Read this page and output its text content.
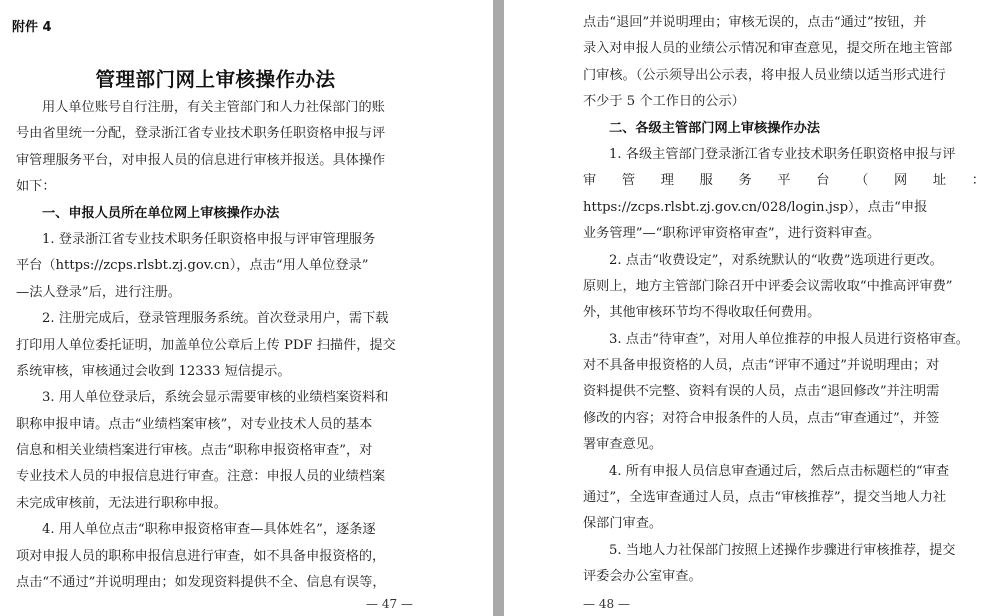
附件 4
管理部门网上审核操作办法
用人单位账号自行注册，有关主管部门和人力社保部门的账
号由省里统一分配，登录浙江省专业技术职务任职资格申报与评
审管理服务平台，对申报人员的信息进行审核并报送。具体操作
如下：
一、申报人员所在单位网上审核操作办法
1. 登录浙江省专业技术职务任职资格申报与评审管理服务
平台（https://zcps.rlsbt.zj.gov.cn），点击“用人单位登录”
—法人登录”后，进行注册。
2. 注册完成后，登录管理服务系统。首次登录用户，需下载
打印用人单位委托证明，加盖单位公章后上传 PDF 扫描件，提交
系统审核，审核通过会收到 12333 短信提示。
3. 用人单位登录后，系统会显示需要审核的业绩档案资料和
职称申报申请。点击“业绩档案审核”，对专业技术人员的基本
信息和相关业绩档案进行审核。点击“职称申报资格审查”，对
专业技术人员的申报信息进行审查。注意：申报人员的业绩档案
未完成审核前，无法进行职称申报。
4. 用人单位点击“职称申报资格审查—具体姓名”，逐条逐
项对申报人员的职称申报信息进行审查，如不具备申报资格的，
点击“不通过”并说明理由；如发现资料提供不全、信息有误等，
— 47 —
点击“退回”并说明理由；审核无误的，点击“通过”按钮，并
录入对申报人员的业绩公示情况和审查意见，提交所在地主管部
门审核。（公示须导出公示表，将申报人员业绩以适当形式进行
不少于 5 个工作日的公示）
二、各级主管部门网上审核操作办法
1. 各级主管部门登录浙江省专业技术职务任职资格申报与评
审 管 理 服 务 平 台 （ 网 址 ：
https://zcps.rlsbt.zj.gov.cn/028/login.jsp），点击“申报
业务管理”—“职称评审资格审查”，进行资料审查。
2. 点击“收费设定”，对系统默认的“收费”选项进行更改。
原则上，地方主管部门除召开中评委会议需收取“中推高评审费”
外，其他审核环节均不得收取任何费用。
3. 点击“待审查”，对用人单位推荐的申报人员进行资格审查。
对不具备申报资格的人员，点击“评审不通过”并说明理由；对
资料提供不完整、资料有误的人员，点击“退回修改”并注明需
修改的内容；对符合申报条件的人员，点击“审查通过”，并签
署审查意见。
4. 所有申报人员信息审查通过后，然后点击标题栏的“审查
通过”，全选审查通过人员，点击“审核推荐”，提交当地人力社
保部门审查。
5. 当地人力社保部门按照上述操作步骤进行审核推荐，提交
评委会办公室审查。
— 48 —
